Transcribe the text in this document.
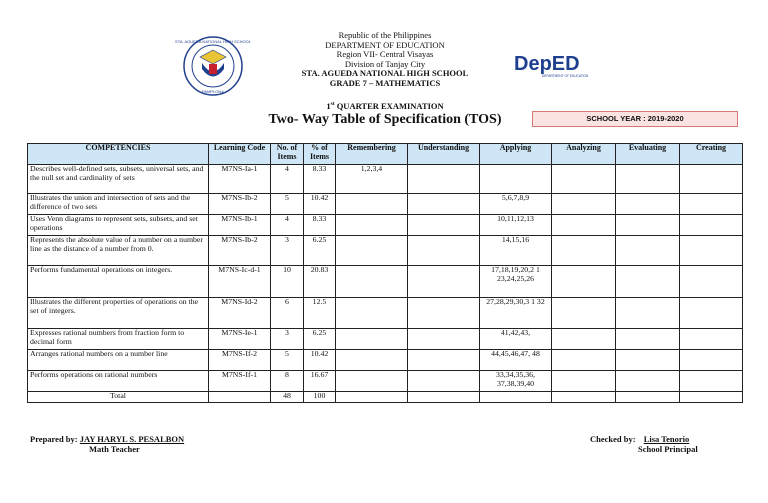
STA. AGUEDA NATIONAL HIGH SCHOOL
PAMPLONA
DepED
DEPARTMENT OF EDUCATION
Republic of the Philippines
DEPARTMENT OF EDUCATION
Region VII- Central Visayas
Division of Tanjay City
STA. AGUEDA NATIONAL HIGH SCHOOL
GRADE 7 – MATHEMATICS
1st QUARTER EXAMINATION
Two- Way Table of Specification (TOS)	SCHOOL YEAR : 2019-2020
COMPETENCIES	Learning Code	No. of Items	% of Items	Remembering	Understanding	Applying	Analyzing	Evaluating	Creating
Describes well-defined sets, subsets, universal sets, and the null set and cardinality of sets	M7NS-Ia-1	4	8.33	1,2,3,4					
Illustrates the union and intersection of sets and the difference of two sets	M7NS-Ib-2	5	10.42			5,6,7,8,9			
Uses Venn diagrams to represent sets, subsets, and set operations	M7NS-Ib-1	4	8.33			10,11,12,13			
Represents the absolute value of a number on a number line as the distance of a number from 0.	M7NS-Ib-2	3	6.25			14,15,16			
Performs fundamental operations on integers.	M7NS-Ic-d-1	10	20.83			17,18,19,20,2 1 23,24,25,26			
Illustrates the different properties of operations on the set of integers.	M7NS-Id-2	6	12.5			27,28,29,30,3 1 32			
Expresses rational numbers from fraction form to decimal form	M7NS-Ie-1	3	6.25			41,42,43,			
Arranges rational numbers on a number line	M7NS-If-2	5	10.42			44,45,46,47, 48			
Performs operations on rational numbers	M7NS-If-1	8	16.67			33,34,35,36, 37,38,39,40			
Total		48	100						
Prepared by: JAY HARYL S. PESALBON
Math Teacher
Checked by: Lisa Tenorio
School Principal
